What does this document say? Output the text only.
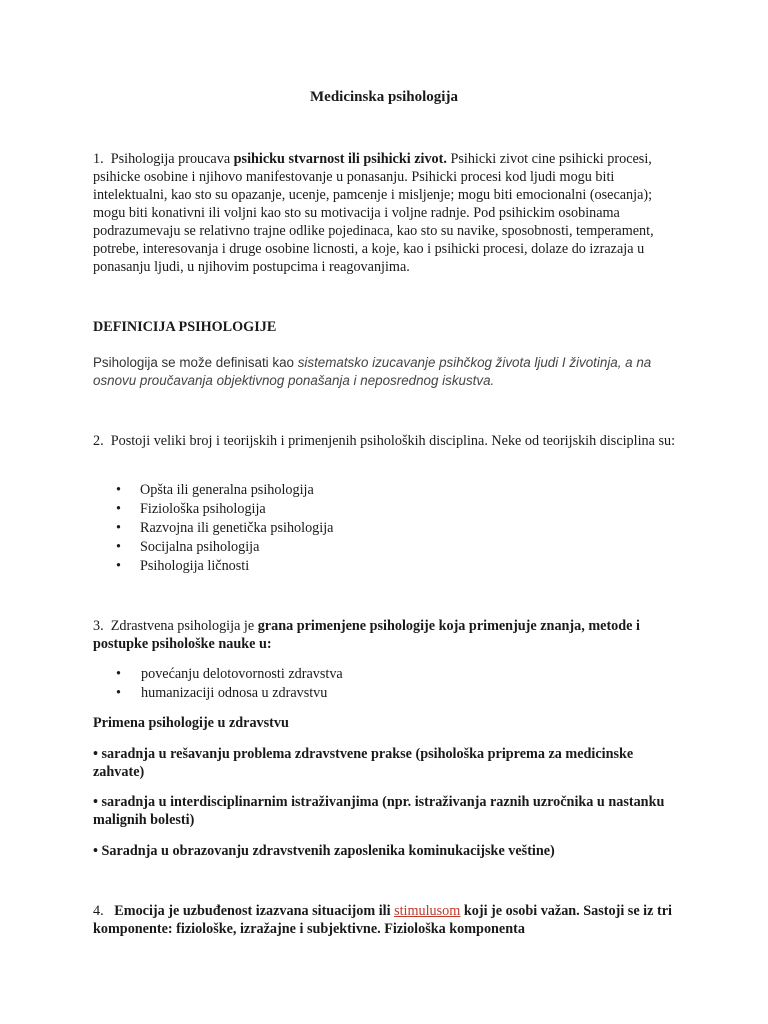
Medicinska psihologija

1. Psihologija proucava psihicku stvarnost ili psihicki zivot. Psihicki zivot cine psihicki procesi, psihicke osobine i njihovo manifestovanje u ponasanju. Psihicki procesi kod ljudi mogu biti intelektualni, kao sto su opazanje, ucenje, pamcenje i misljenje; mogu biti emocionalni (osecanja); mogu biti konativni ili voljni kao sto su motivacija i voljne radnje. Pod psihickim osobinama podrazumevaju se relativno trajne odlike pojedinaca, kao sto su navike, sposobnosti, temperament, potrebe, interesovanja i druge osobine licnosti, a koje, kao i psihicki procesi, dolaze do izrazaja u ponasanju ljudi, u njihovim postupcima i reagovanjima.

DEFINICIJA PSIHOLOGIJE

Psihologija se može definisati kao sistematsko izucavanje psihčkog života ljudi I životinja, a na osnovu proučavanja objektivnog ponašanja i neposrednog iskustva.

2. Postoji veliki broj i teorijskih i primenjenih psiholoških disciplina. Neke od teorijskih disciplina su:

• Opšta ili generalna psihologija
• Fiziološka psihologija
• Razvojna ili genetička psihologija
• Socijalna psihologija
• Psihologija ličnosti

3. Zdrastvena psihologija je grana primenjene psihologije koja primenjuje znanja, metode i postupke psihološke nauke u:

• povećanju delotovornosti zdravstva
• humanizaciji odnosa u zdravstvu

Primena psihologije u zdravstvu

• saradnja u rešavanju problema zdravstvene prakse (psihološka priprema za medicinske zahvate)

• saradnja u interdisciplinarnim istraživanjima (npr. istraživanja raznih uzročnika u nastanku malignih bolesti)

• Saradnja u obrazovanju zdravstvenih zaposlenika kominukacijske veštine)

4. Emocija je uzbuđenost izazvana situacijom ili stimulusom koji je osobi važan. Sastoji se iz tri komponente: fiziološke, izražajne i subjektivne. Fiziološka komponenta
